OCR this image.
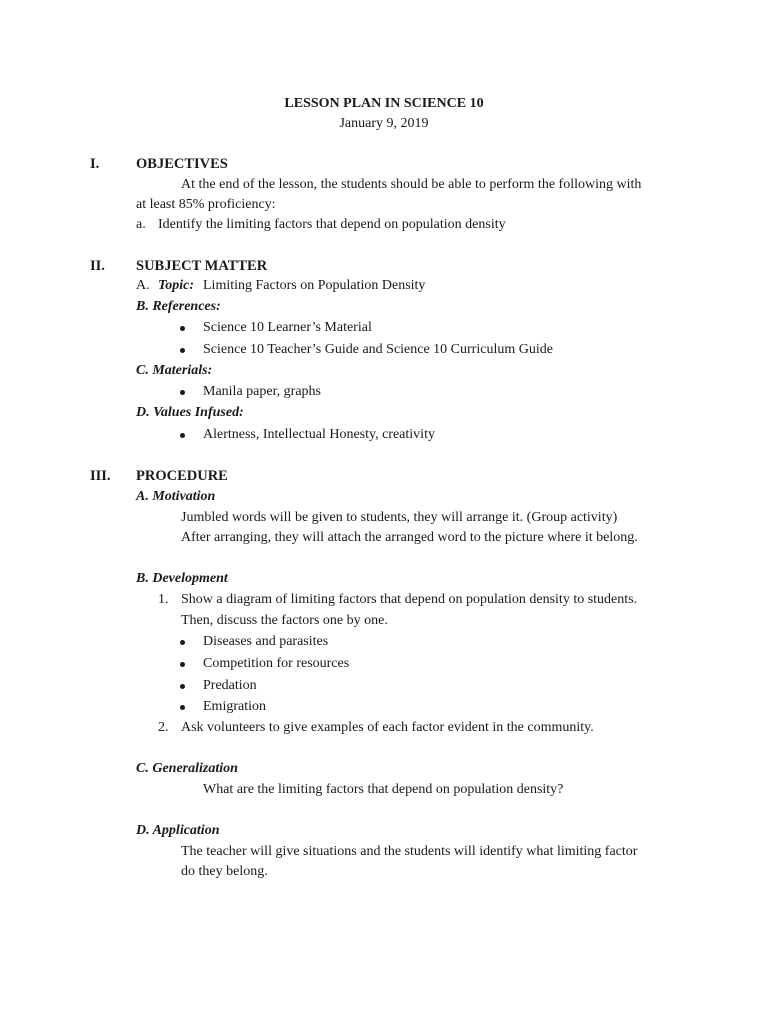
LESSON PLAN IN SCIENCE 10
January 9, 2019
I.	OBJECTIVES
At the end of the lesson, the students should be able to perform the following with
at least 85% proficiency:
a. Identify the limiting factors that depend on population density
II. SUBJECT MATTER
A. Topic: Limiting Factors on Population Density
B. References:
Science 10 Learner’s Material
Science 10 Teacher’s Guide and Science 10 Curriculum Guide
C. Materials:
Manila paper, graphs
D. Values Infused:
Alertness, Intellectual Honesty, creativity
III. PROCEDURE
A. Motivation
Jumbled words will be given to students, they will arrange it. (Group activity)
After arranging, they will attach the arranged word to the picture where it belong.
B. Development
1. Show a diagram of limiting factors that depend on population density to students.
Then, discuss the factors one by one.
Diseases and parasites
Competition for resources
Predation
Emigration
2. Ask volunteers to give examples of each factor evident in the community.
C. Generalization
What are the limiting factors that depend on population density?
D. Application
The teacher will give situations and the students will identify what limiting factor
do they belong.
